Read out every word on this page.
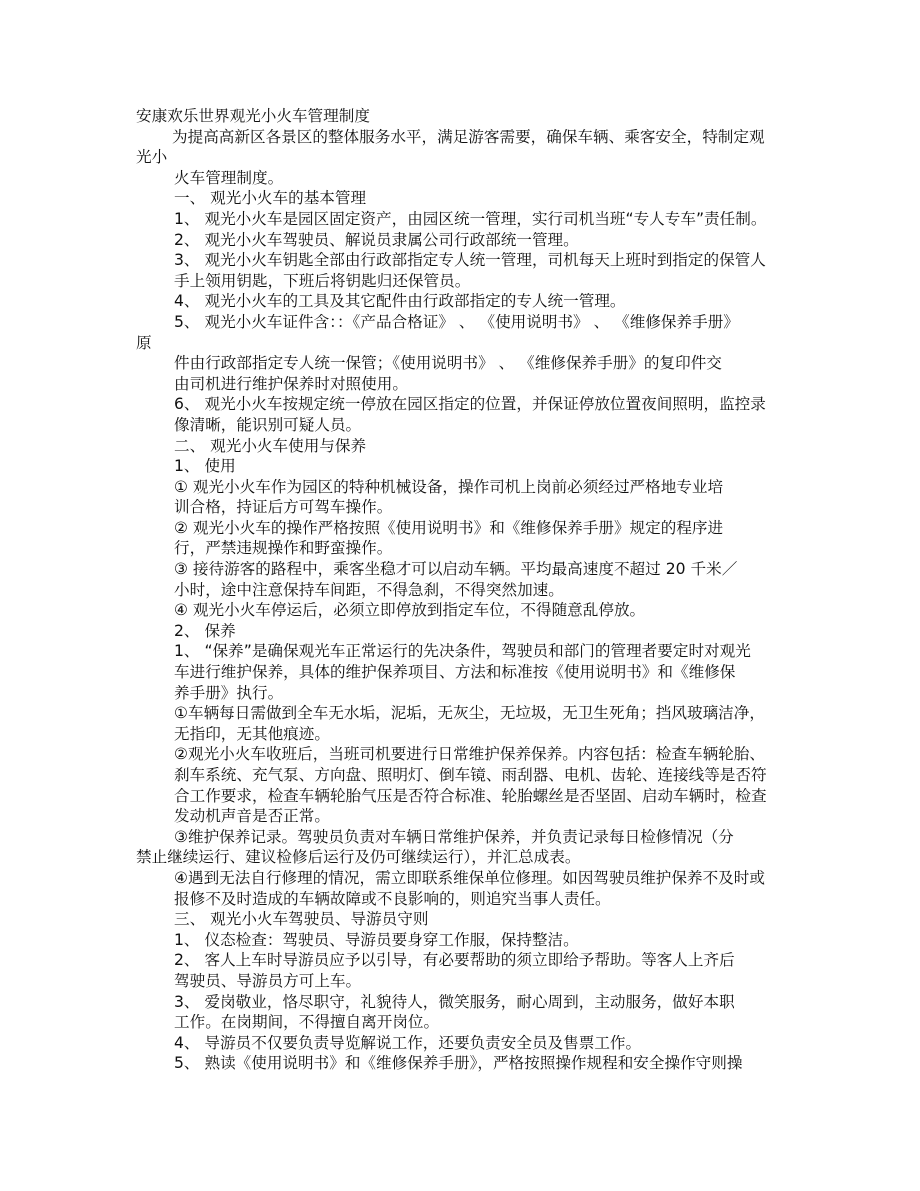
安康欢乐世界观光小火车管理制度
为提高高新区各景区的整体服务水平，满足游客需要，确保车辆、乘客安全，特制定观
光小
火车管理制度。
一、 观光小火车的基本管理
1、 观光小火车是园区固定资产，由园区统一管理，实行司机当班“专人专车”责任制。
2、 观光小火车驾驶员、解说员隶属公司行政部统一管理。
3、 观光小火车钥匙全部由行政部指定专人统一管理，司机每天上班时到指定的保管人
手上领用钥匙，下班后将钥匙归还保管员。
4、 观光小火车的工具及其它配件由行政部指定的专人统一管理。
5、 观光小火车证件含：：《产品合格证》 、 《使用说明书》 、 《维修保养手册》
原
件由行政部指定专人统一保管；《使用说明书》 、 《维修保养手册》的复印件交
由司机进行维护保养时对照使用。
6、 观光小火车按规定统一停放在园区指定的位置，并保证停放位置夜间照明，监控录
像清晰，能识别可疑人员。
二、 观光小火车使用与保养
1、 使用
① 观光小火车作为园区的特种机械设备，操作司机上岗前必须经过严格地专业培
训合格，持证后方可驾车操作。
② 观光小火车的操作严格按照《使用说明书》和《维修保养手册》规定的程序进
行，严禁违规操作和野蛮操作。
③ 接待游客的路程中，乘客坐稳才可以启动车辆。平均最高速度不超过 20 千米／
小时，途中注意保持车间距，不得急刹，不得突然加速。
④ 观光小火车停运后，必须立即停放到指定车位，不得随意乱停放。
2、 保养
1、 “保养”是确保观光车正常运行的先决条件，驾驶员和部门的管理者要定时对观光
车进行维护保养，具体的维护保养项目、方法和标准按《使用说明书》和《维修保
养手册》执行。
①车辆每日需做到全车无水垢，泥垢，无灰尘，无垃圾，无卫生死角；挡风玻璃洁净，
无指印，无其他痕迹。
②观光小火车收班后，当班司机要进行日常维护保养保养。内容包括：检查车辆轮胎、
刹车系统、充气泵、方向盘、照明灯、倒车镜、雨刮器、电机、齿轮、连接线等是否符
合工作要求，检查车辆轮胎气压是否符合标准、轮胎螺丝是否坚固、启动车辆时，检查
发动机声音是否正常。
③维护保养记录。驾驶员负责对车辆日常维护保养，并负责记录每日检修情况（分
禁止继续运行、建议检修后运行及仍可继续运行），并汇总成表。
④遇到无法自行修理的情况，需立即联系维保单位修理。如因驾驶员维护保养不及时或
报修不及时造成的车辆故障或不良影响的，则追究当事人责任。
三、 观光小火车驾驶员、导游员守则
1、 仪态检查：驾驶员、导游员要身穿工作服，保持整洁。
2、 客人上车时导游员应予以引导，有必要帮助的须立即给予帮助。等客人上齐后
驾驶员、导游员方可上车。
3、 爱岗敬业，恪尽职守，礼貌待人，微笑服务，耐心周到，主动服务，做好本职
工作。在岗期间，不得擅自离开岗位。
4、 导游员不仅要负责导览解说工作，还要负责安全员及售票工作。
5、 熟读《使用说明书》和《维修保养手册》，严格按照操作规程和安全操作守则操
